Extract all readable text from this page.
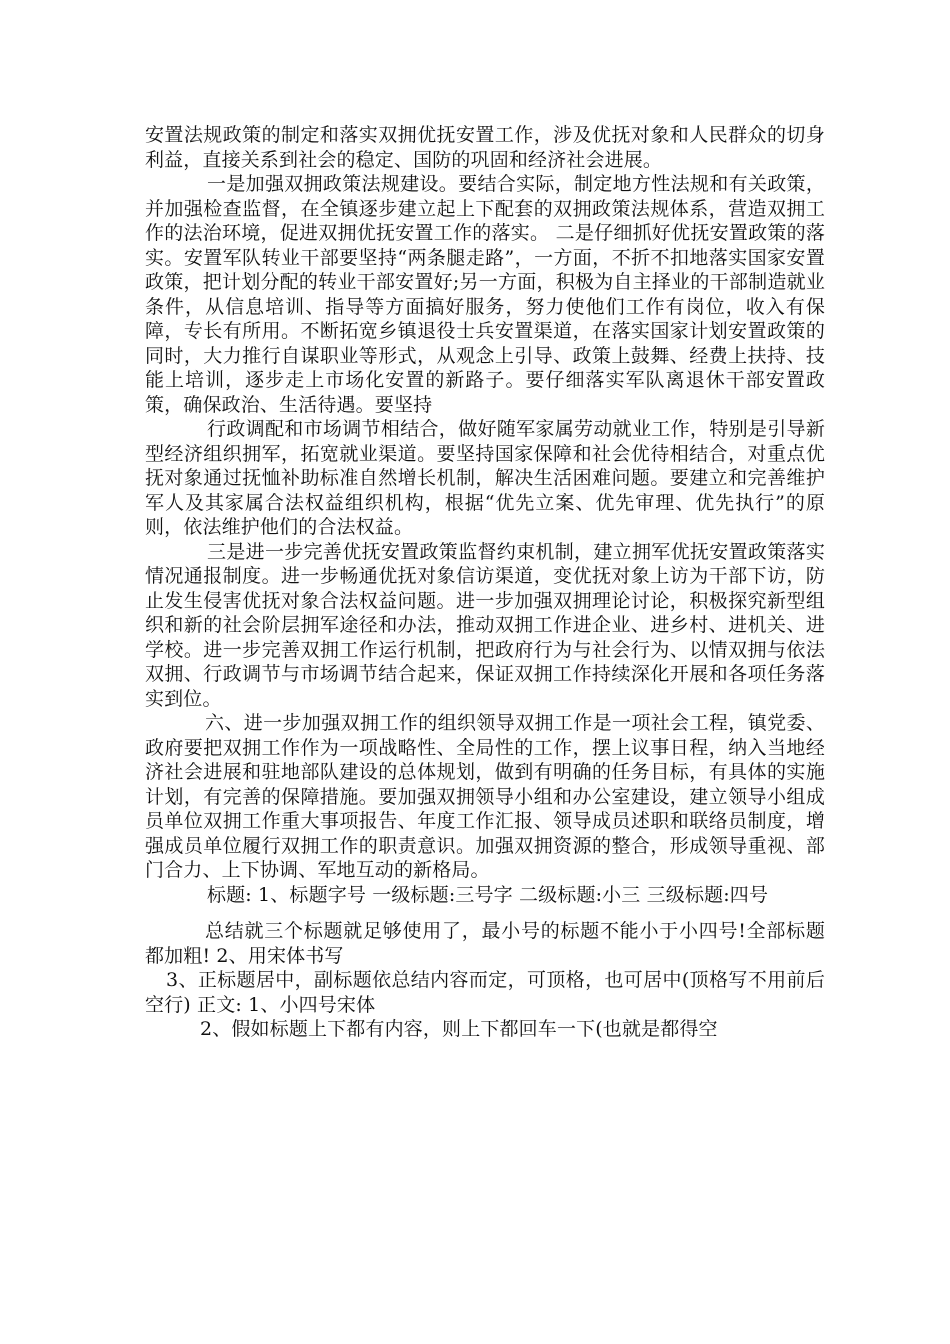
安置法规政策的制定和落实双拥优抚安置工作，涉及优抚对象和人民群众的切身利益，直接关系到社会的稳定、国防的巩固和经济社会进展。

一是加强双拥政策法规建设。要结合实际，制定地方性法规和有关政策，并加强检查监督，在全镇逐步建立起上下配套的双拥政策法规体系，营造双拥工作的法治环境，促进双拥优抚安置工作的落实。 二是仔细抓好优抚安置政策的落实。安置军队转业干部要坚持“两条腿走路”，一方面，不折不扣地落实国家安置政策，把计划分配的转业干部安置好;另一方面，积极为自主择业的干部制造就业条件，从信息培训、指导等方面搞好服务，努力使他们工作有岗位，收入有保障，专长有所用。不断拓宽乡镇退役士兵安置渠道，在落实国家计划安置政策的同时，大力推行自谋职业等形式，从观念上引导、政策上鼓舞、经费上扶持、技能上培训，逐步走上市场化安置的新路子。要仔细落实军队离退休干部安置政策，确保政治、生活待遇。要坚持

行政调配和市场调节相结合，做好随军家属劳动就业工作，特别是引导新型经济组织拥军，拓宽就业渠道。要坚持国家保障和社会优待相结合，对重点优抚对象通过抚恤补助标准自然增长机制，解决生活困难问题。要建立和完善维护军人及其家属合法权益组织机构，根据“优先立案、优先审理、优先执行”的原则，依法维护他们的合法权益。

三是进一步完善优抚安置政策监督约束机制，建立拥军优抚安置政策落实情况通报制度。进一步畅通优抚对象信访渠道，变优抚对象上访为干部下访，防止发生侵害优抚对象合法权益问题。进一步加强双拥理论讨论，积极探究新型组织和新的社会阶层拥军途径和办法，推动双拥工作进企业、进乡村、进机关、进学校。进一步完善双拥工作运行机制，把政府行为与社会行为、以情双拥与依法双拥、行政调节与市场调节结合起来，保证双拥工作持续深化开展和各项任务落实到位。

六、进一步加强双拥工作的组织领导双拥工作是一项社会工程，镇党委、政府要把双拥工作作为一项战略性、全局性的工作，摆上议事日程，纳入当地经济社会进展和驻地部队建设的总体规划，做到有明确的任务目标，有具体的实施计划，有完善的保障措施。要加强双拥领导小组和办公室建设，建立领导小组成员单位双拥工作重大事项报告、年度工作汇报、领导成员述职和联络员制度，增强成员单位履行双拥工作的职责意识。加强双拥资源的整合，形成领导重视、部门合力、上下协调、军地互动的新格局。

标题: 1、标题字号 一级标题:三号字 二级标题:小三 三级标题:四号

总结就三个标题就足够使用了，最小号的标题不能小于小四号!全部标题都加粗! 2、用宋体书写

3、正标题居中，副标题依总结内容而定，可顶格，也可居中(顶格写不用前后空行) 正文: 1、小四号宋体

2、假如标题上下都有内容，则上下都回车一下(也就是都得空
